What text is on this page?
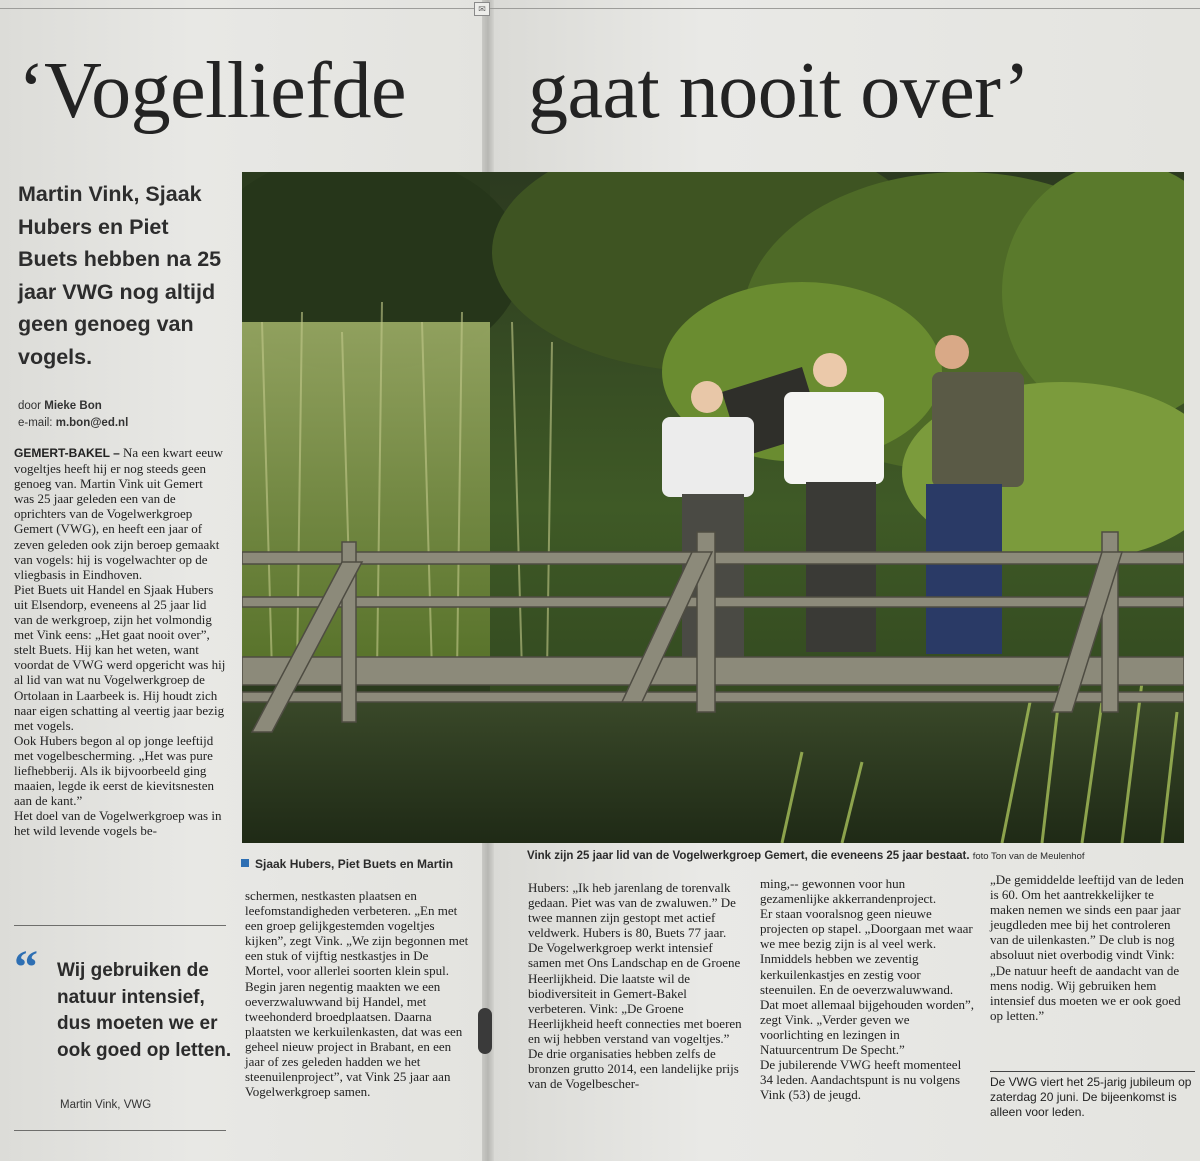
✉
‘Vogelliefde gaat nooit over’
Martin Vink, Sjaak Hubers en Piet Buets hebben na 25 jaar VWG nog altijd geen genoeg van vogels.
door Mieke Bon
e-mail: m.bon@ed.nl
Sjaak Hubers, Piet Buets en Martin
Vink zijn 25 jaar lid van de Vogelwerkgroep Gemert, die eveneens 25 jaar bestaat. foto Ton van de Meulenhof

GEMERT-BAKEL – Na een kwart eeuw vogeltjes heeft hij er nog steeds geen genoeg van. Martin Vink uit Gemert was 25 jaar geleden een van de oprichters van de Vogelwerkgroep Gemert (VWG), en heeft een jaar of zeven geleden ook zijn beroep gemaakt van vogels: hij is vogelwachter op de vliegbasis in Eindhoven.

Piet Buets uit Handel en Sjaak Hubers uit Elsendorp, eveneens al 25 jaar lid van de werkgroep, zijn het volmondig met Vink eens: „Het gaat nooit over”, stelt Buets. Hij kan het weten, want voordat de VWG werd opgericht was hij al lid van wat nu Vogelwerkgroep de Ortolaan in Laarbeek is. Hij houdt zich naar eigen schatting al veertig jaar bezig met vogels.

Ook Hubers begon al op jonge leeftijd met vogelbescherming. „Het was pure liefhebberij. Als ik bijvoorbeeld ging maaien, legde ik eerst de kievitsnesten aan de kant.”

Het doel van de Vogelwerkgroep was in het wild levende vogels be-

“ Wij gebruiken de natuur intensief, dus moeten we er ook goed op letten.
Martin Vink, VWG

schermen, nestkasten plaatsen en leefomstandigheden verbeteren. „En met een groep gelijkgestemden vogeltjes kijken”, zegt Vink. „We zijn begonnen met een stuk of vijftig nestkastjes in De Mortel, voor allerlei soorten klein spul. Begin jaren negentig maakten we een oeverzwaluwwand bij Handel, met tweehonderd broedplaatsen. Daarna plaatsten we kerkuilenkasten, dat was een geheel nieuw project in Brabant, en een jaar of zes geleden hadden we het steenuilenproject”, vat Vink 25 jaar aan Vogelwerkgroep samen.

Hubers: „Ik heb jarenlang de torenvalk gedaan. Piet was van de zwaluwen.” De twee mannen zijn gestopt met actief veldwerk. Hubers is 80, Buets 77 jaar.

De Vogelwerkgroep werkt intensief samen met Ons Landschap en de Groene Heerlijkheid. Die laatste wil de biodiversiteit in Gemert-Bakel verbeteren. Vink: „De Groene Heerlijkheid heeft connecties met boeren en wij hebben verstand van vogeltjes.”

De drie organisaties hebben zelfs de bronzen grutto 2014, een landelijke prijs van de Vogelbescher-

ming,-- gewonnen voor hun gezamenlijke akkerrandenproject.

Er staan vooralsnog geen nieuwe projecten op stapel. „Doorgaan met waar we mee bezig zijn is al veel werk. Inmiddels hebben we zeventig kerkuilenkastjes en zestig voor steenuilen. En de oeverzwaluwwand. Dat moet allemaal bijgehouden worden”, zegt Vink. „Verder geven we voorlichting en lezingen in Natuurcentrum De Specht.”

De jubilerende VWG heeft momenteel 34 leden. Aandachtspunt is nu volgens Vink (53) de jeugd.

„De gemiddelde leeftijd van de leden is 60. Om het aantrekkelijker te maken nemen we sinds een paar jaar jeugdleden mee bij het controleren van de uilenkasten.” De club is nog absoluut niet overbodig vindt Vink: „De natuur heeft de aandacht van de mens nodig. Wij gebruiken hem intensief dus moeten we er ook goed op letten.”

De VWG viert het 25-jarig jubileum op zaterdag 20 juni. De bijeenkomst is alleen voor leden.
